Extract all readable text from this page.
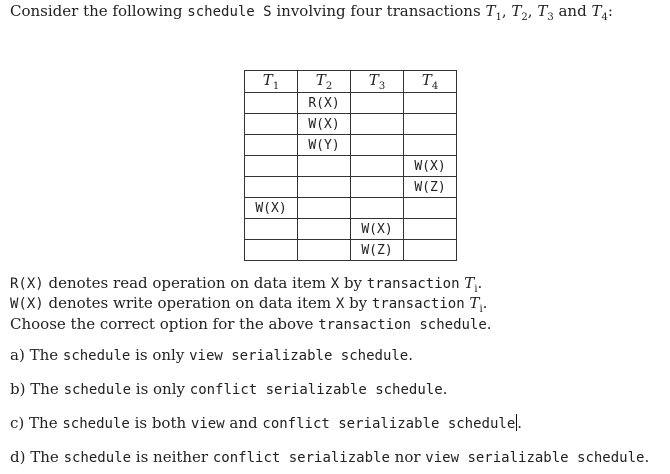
Consider the following schedule S involving four transactions $T_1$, $T_2$, $T_3$ and $T_4$:
$T_1$	$T_2$	$T_3$	$T_4$
	R(X)		
	W(X)		
	W(Y)		
			W(X)
			W(Z)
W(X)			
		W(X)	
		W(Z)	
R(X) denotes read operation on data item X by transaction $T_i$.
W(X) denotes write operation on data item X by transaction $T_i$.
Choose the correct option for the above transaction schedule.
a) The schedule is only view serializable schedule.
b) The schedule is only conflict serializable schedule.
c) The schedule is both view and conflict serializable schedule .
d) The schedule is neither conflict serializable nor view serializable schedule.
